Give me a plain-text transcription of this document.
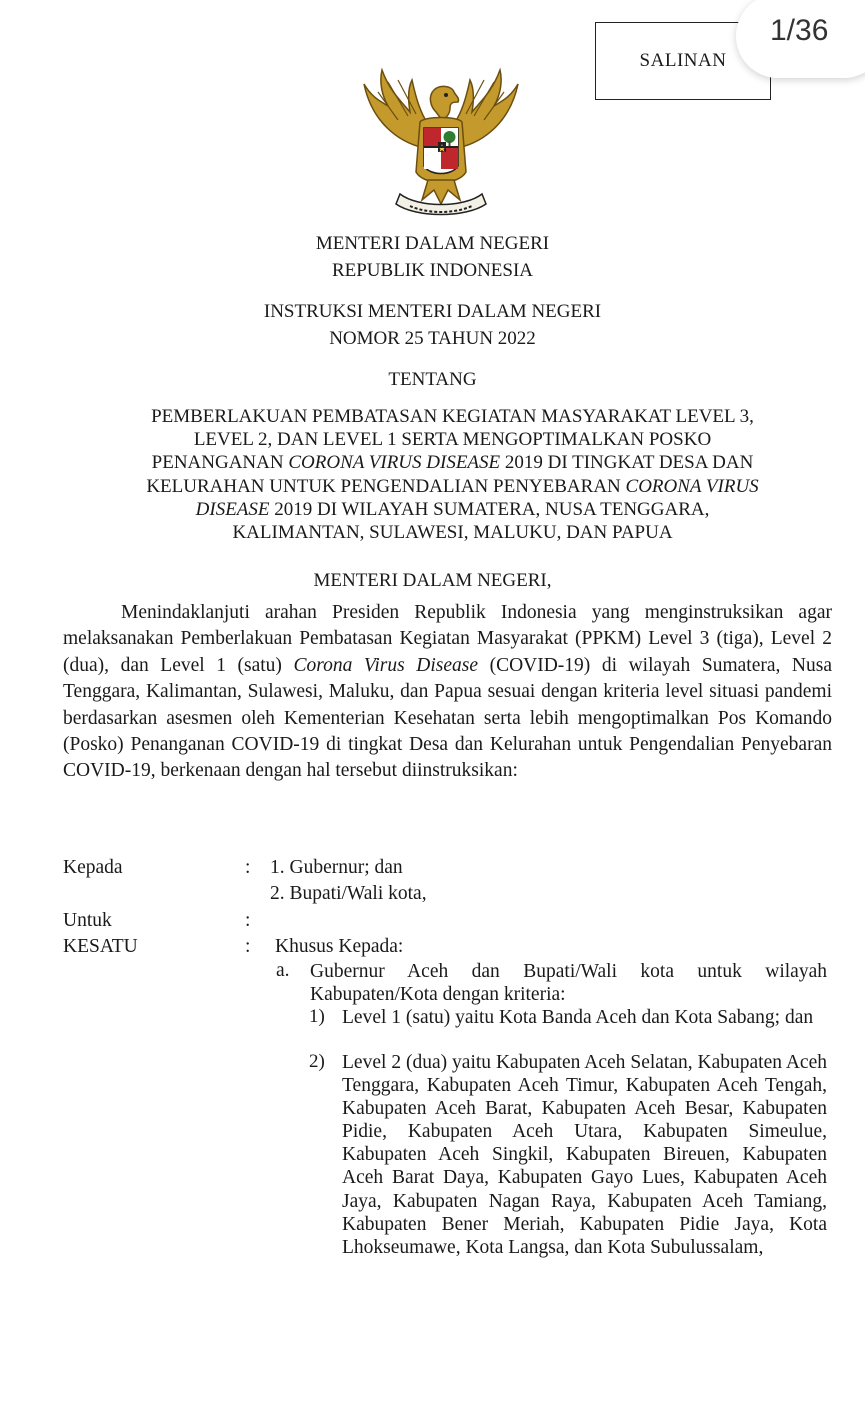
SALINAN
1/36
MENTERI DALAM NEGERI
REPUBLIK INDONESIA
INSTRUKSI MENTERI DALAM NEGERI
NOMOR 25 TAHUN 2022
TENTANG
PEMBERLAKUAN PEMBATASAN KEGIATAN MASYARAKAT LEVEL 3,
LEVEL 2, DAN LEVEL 1 SERTA MENGOPTIMALKAN POSKO
PENANGANAN CORONA VIRUS DISEASE 2019 DI TINGKAT DESA DAN
KELURAHAN UNTUK PENGENDALIAN PENYEBARAN CORONA VIRUS
DISEASE 2019 DI WILAYAH SUMATERA, NUSA TENGGARA,
KALIMANTAN, SULAWESI, MALUKU, DAN PAPUA
MENTERI DALAM NEGERI,
Menindaklanjuti arahan Presiden Republik Indonesia yang menginstruksikan agar melaksanakan Pemberlakuan Pembatasan Kegiatan Masyarakat (PPKM) Level 3 (tiga), Level 2 (dua), dan Level 1 (satu) Corona Virus Disease (COVID-19) di wilayah Sumatera, Nusa Tenggara, Kalimantan, Sulawesi, Maluku, dan Papua sesuai dengan kriteria level situasi pandemi berdasarkan asesmen oleh Kementerian Kesehatan serta lebih mengoptimalkan Pos Komando (Posko) Penanganan COVID-19 di tingkat Desa dan Kelurahan untuk Pengendalian Penyebaran COVID-19, berkenaan dengan hal tersebut diinstruksikan:
Kepada	: 1. Gubernur; dan
2. Bupati/Wali kota,
Untuk	:
KESATU	: Khusus Kepada:
a. Gubernur Aceh dan Bupati/Wali kota untuk wilayah Kabupaten/Kota dengan kriteria:
1) Level 1 (satu) yaitu Kota Banda Aceh dan Kota Sabang; dan
2) Level 2 (dua) yaitu Kabupaten Aceh Selatan, Kabupaten Aceh Tenggara, Kabupaten Aceh Timur, Kabupaten Aceh Tengah, Kabupaten Aceh Barat, Kabupaten Aceh Besar, Kabupaten Pidie, Kabupaten Aceh Utara, Kabupaten Simeulue, Kabupaten Aceh Singkil, Kabupaten Bireuen, Kabupaten Aceh Barat Daya, Kabupaten Gayo Lues, Kabupaten Aceh Jaya, Kabupaten Nagan Raya, Kabupaten Aceh Tamiang, Kabupaten Bener Meriah, Kabupaten Pidie Jaya, Kota Lhokseumawe, Kota Langsa, dan Kota Subulussalam,
